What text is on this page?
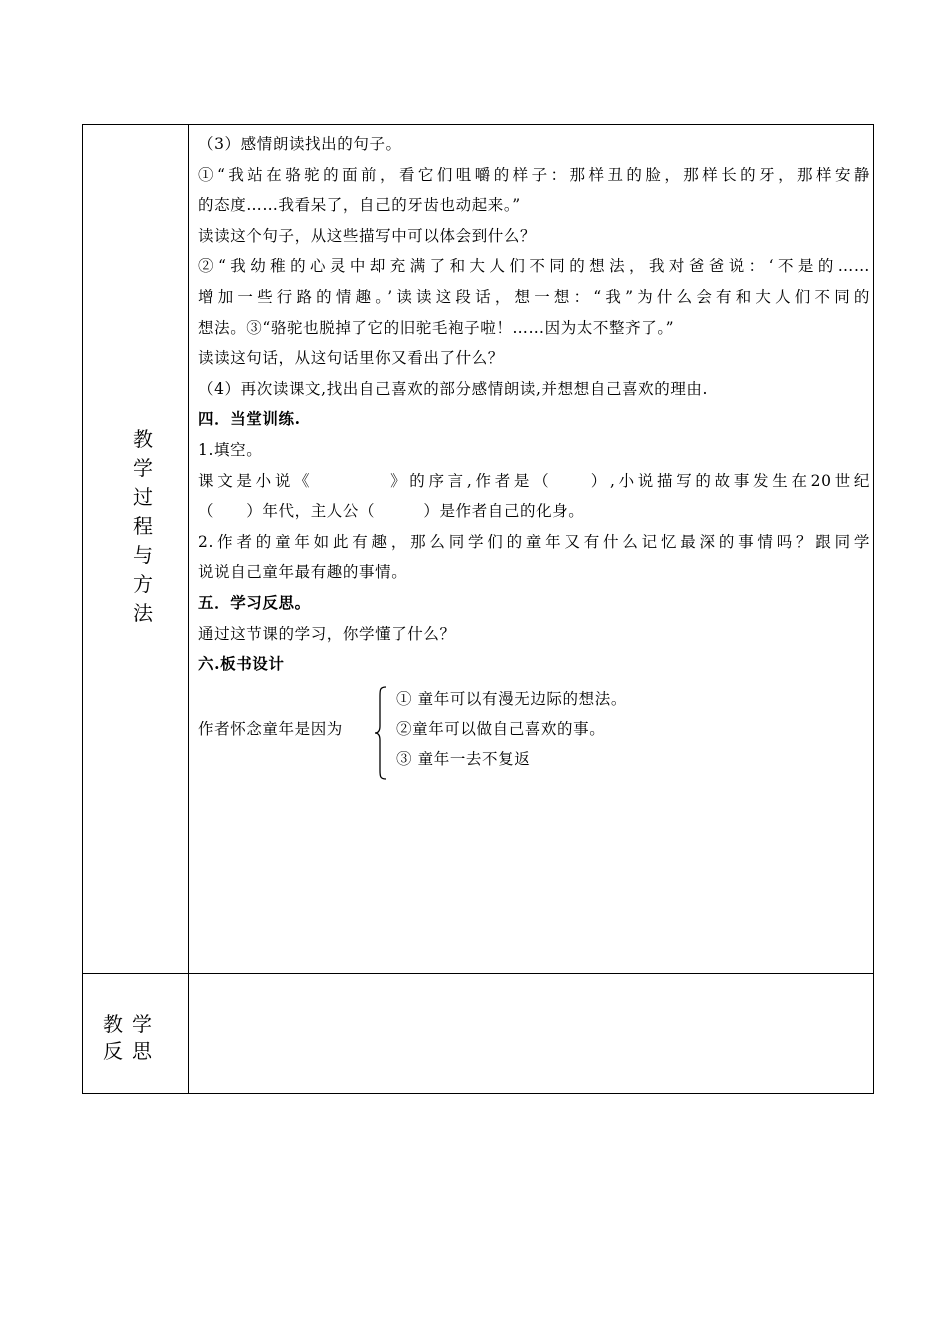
教
学
过
程
与
方
法
教学
反思
（3）感情朗读找出的句子。
①“我站在骆驼的面前，看它们咀嚼的样子：那样丑的脸，那样长的牙，那样安静
的态度……我看呆了，自己的牙齿也动起来。”
读读这个句子，从这些描写中可以体会到什么？
②“我幼稚的心灵中却充满了和大人们不同的想法，我对爸爸说：‘不是的……
增加一些行路的情趣。’读读这段话，想一想：“我”为什么会有和大人们不同的
想法。③“骆驼也脱掉了它的旧驼毛袍子啦！……因为太不整齐了。”
读读这句话，从这句话里你又看出了什么？
（4）再次读课文,找出自己喜欢的部分感情朗读,并想想自己喜欢的理由.
四．当堂训练.
1.填空。
课文是小说《　　　　》的序言,作者是（　　）,小说描写的故事发生在20世纪
（　　）年代，主人公（　　　）是作者自己的化身。
2.作者的童年如此有趣，那么同学们的童年又有什么记忆最深的事情吗？跟同学
说说自己童年最有趣的事情。
五．学习反思。
通过这节课的学习，你学懂了什么？
六.板书设计
作者怀念童年是因为
① 童年可以有漫无边际的想法。
②童年可以做自己喜欢的事。
③ 童年一去不复返
